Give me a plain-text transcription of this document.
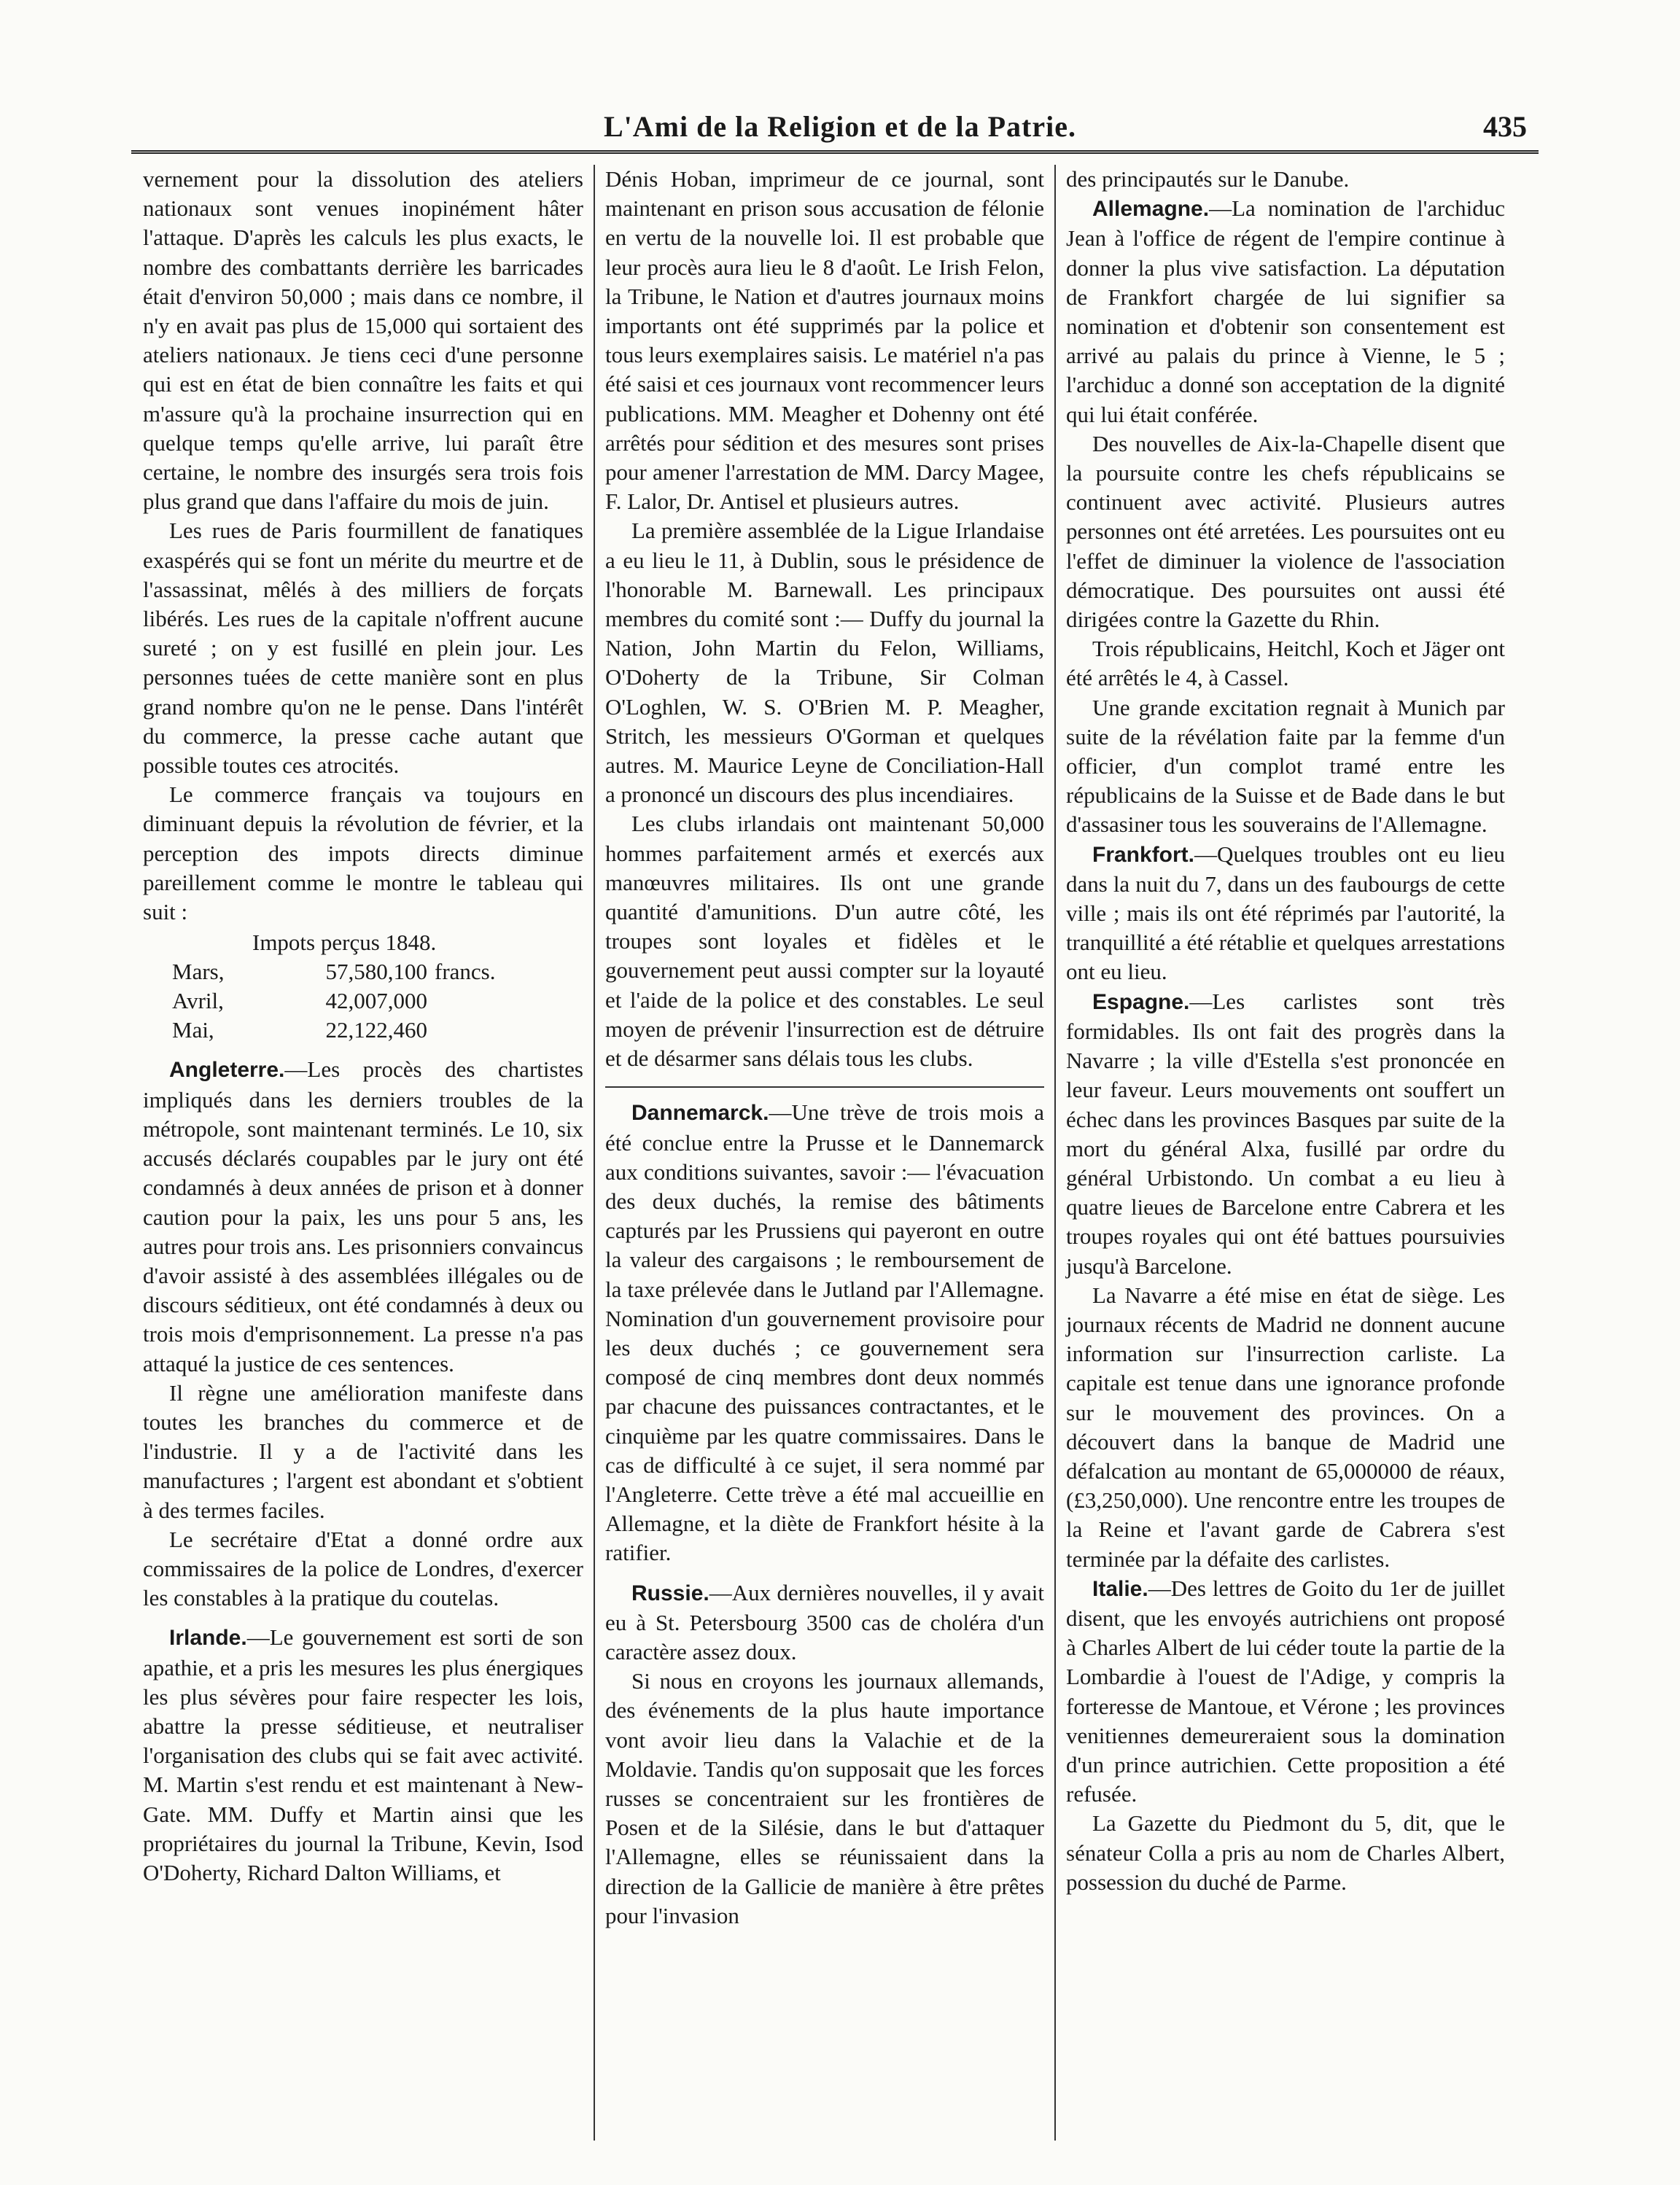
L'Ami de la Religion et de la Patrie.	435

vernement pour la dissolution des ateliers nationaux sont venues inopinément hâter l'attaque. D'après les calculs les plus exacts, le nombre des combattants derrière les barricades était d'environ 50,000 ; mais dans ce nombre, il n'y en avait pas plus de 15,000 qui sortaient des ateliers nationaux. Je tiens ceci d'une personne qui est en état de bien connaître les faits et qui m'assure qu'à la prochaine insurrection qui en quelque temps qu'elle arrive, lui paraît être certaine, le nombre des insurgés sera trois fois plus grand que dans l'affaire du mois de juin.

Les rues de Paris fourmillent de fanatiques exaspérés qui se font un mérite du meurtre et de l'assassinat, mêlés à des milliers de forçats libérés. Les rues de la capitale n'offrent aucune sureté ; on y est fusillé en plein jour. Les personnes tuées de cette manière sont en plus grand nombre qu'on ne le pense. Dans l'intérêt du commerce, la presse cache autant que possible toutes ces atrocités.

Le commerce français va toujours en diminuant depuis la révolution de février, et la perception des impots directs diminue pareillement comme le montre le tableau qui suit :

Impots perçus 1848.

Mars,	57,580,100 francs.
Avril,	42,007,000
Mai,	22,122,460

Angleterre.—Les procès des chartistes impliqués dans les derniers troubles de la métropole, sont maintenant terminés. Le 10, six accusés déclarés coupables par le jury ont été condamnés à deux années de prison et à donner caution pour la paix, les uns pour 5 ans, les autres pour trois ans. Les prisonniers convaincus d'avoir assisté à des assemblées illégales ou de discours séditieux, ont été condamnés à deux ou trois mois d'emprisonnement. La presse n'a pas attaqué la justice de ces sentences.

Il règne une amélioration manifeste dans toutes les branches du commerce et de l'industrie. Il y a de l'activité dans les manufactures ; l'argent est abondant et s'obtient à des termes faciles.

Le secrétaire d'Etat a donné ordre aux commissaires de la police de Londres, d'exercer les constables à la pratique du coutelas.

Irlande.—Le gouvernement est sorti de son apathie, et a pris les mesures les plus énergiques les plus sévères pour faire respecter les lois, abattre la presse séditieuse, et neutraliser l'organisation des clubs qui se fait avec activité. M. Martin s'est rendu et est maintenant à New-Gate. MM. Duffy et Martin ainsi que les propriétaires du journal la Tribune, Kevin, Isod O'Doherty, Richard Dalton Williams, et

Dénis Hoban, imprimeur de ce journal, sont maintenant en prison sous accusation de félonie en vertu de la nouvelle loi. Il est probable que leur procès aura lieu le 8 d'août. Le Irish Felon, la Tribune, le Nation et d'autres journaux moins importants ont été supprimés par la police et tous leurs exemplaires saisis. Le matériel n'a pas été saisi et ces journaux vont recommencer leurs publications. MM. Meagher et Dohenny ont été arrêtés pour sédition et des mesures sont prises pour amener l'arrestation de MM. Darcy Magee, F. Lalor, Dr. Antisel et plusieurs autres.

La première assemblée de la Ligue Irlandaise a eu lieu le 11, à Dublin, sous le présidence de l'honorable M. Barnewall. Les principaux membres du comité sont :— Duffy du journal la Nation, John Martin du Felon, Williams, O'Doherty de la Tribune, Sir Colman O'Loghlen, W. S. O'Brien M. P. Meagher, Stritch, les messieurs O'Gorman et quelques autres. M. Maurice Leyne de Conciliation-Hall a prononcé un discours des plus incendiaires.

Les clubs irlandais ont maintenant 50,000 hommes parfaitement armés et exercés aux manœuvres militaires. Ils ont une grande quantité d'amunitions. D'un autre côté, les troupes sont loyales et fidèles et le gouvernement peut aussi compter sur la loyauté et l'aide de la police et des constables. Le seul moyen de prévenir l'insurrection est de détruire et de désarmer sans délais tous les clubs.

Dannemarck.—Une trève de trois mois a été conclue entre la Prusse et le Dannemarck aux conditions suivantes, savoir :— l'évacuation des deux duchés, la remise des bâtiments capturés par les Prussiens qui payeront en outre la valeur des cargaisons ; le remboursement de la taxe prélevée dans le Jutland par l'Allemagne. Nomination d'un gouvernement provisoire pour les deux duchés ; ce gouvernement sera composé de cinq membres dont deux nommés par chacune des puissances contractantes, et le cinquième par les quatre commissaires. Dans le cas de difficulté à ce sujet, il sera nommé par l'Angleterre. Cette trève a été mal accueillie en Allemagne, et la diète de Frankfort hésite à la ratifier.

Russie.—Aux dernières nouvelles, il y avait eu à St. Petersbourg 3500 cas de choléra d'un caractère assez doux.

Si nous en croyons les journaux allemands, des événements de la plus haute importance vont avoir lieu dans la Valachie et de la Moldavie. Tandis qu'on supposait que les forces russes se concentraient sur les frontières de Posen et de la Silésie, dans le but d'attaquer l'Allemagne, elles se réunissaient dans la direction de la Gallicie de manière à être prêtes pour l'invasion

des principautés sur le Danube.

Allemagne.—La nomination de l'archiduc Jean à l'office de régent de l'empire continue à donner la plus vive satisfaction. La députation de Frankfort chargée de lui signifier sa nomination et d'obtenir son consentement est arrivé au palais du prince à Vienne, le 5 ; l'archiduc a donné son acceptation de la dignité qui lui était conférée.

Des nouvelles de Aix-la-Chapelle disent que la poursuite contre les chefs républicains se continuent avec activité. Plusieurs autres personnes ont été arretées. Les poursuites ont eu l'effet de diminuer la violence de l'association démocratique. Des poursuites ont aussi été dirigées contre la Gazette du Rhin.

Trois républicains, Heitchl, Koch et Jäger ont été arrêtés le 4, à Cassel.

Une grande excitation regnait à Munich par suite de la révélation faite par la femme d'un officier, d'un complot tramé entre les républicains de la Suisse et de Bade dans le but d'assasiner tous les souverains de l'Allemagne.

Frankfort.—Quelques troubles ont eu lieu dans la nuit du 7, dans un des faubourgs de cette ville ; mais ils ont été réprimés par l'autorité, la tranquillité a été rétablie et quelques arrestations ont eu lieu.

Espagne.—Les carlistes sont très formidables. Ils ont fait des progrès dans la Navarre ; la ville d'Estella s'est prononcée en leur faveur. Leurs mouvements ont souffert un échec dans les provinces Basques par suite de la mort du général Alxa, fusillé par ordre du général Urbistondo. Un combat a eu lieu à quatre lieues de Barcelone entre Cabrera et les troupes royales qui ont été battues poursuivies jusqu'à Barcelone.

La Navarre a été mise en état de siège. Les journaux récents de Madrid ne donnent aucune information sur l'insurrection carliste. La capitale est tenue dans une ignorance profonde sur le mouvement des provinces. On a découvert dans la banque de Madrid une défalcation au montant de 65,000000 de réaux, (£3,250,000). Une rencontre entre les troupes de la Reine et l'avant garde de Cabrera s'est terminée par la défaite des carlistes.

Italie.—Des lettres de Goito du 1er de juillet disent, que les envoyés autrichiens ont proposé à Charles Albert de lui céder toute la partie de la Lombardie à l'ouest de l'Adige, y compris la forteresse de Mantoue, et Vérone ; les provinces venitiennes demeureraient sous la domination d'un prince autrichien. Cette proposition a été refusée.

La Gazette du Piedmont du 5, dit, que le sénateur Colla a pris au nom de Charles Albert, possession du duché de Parme.
